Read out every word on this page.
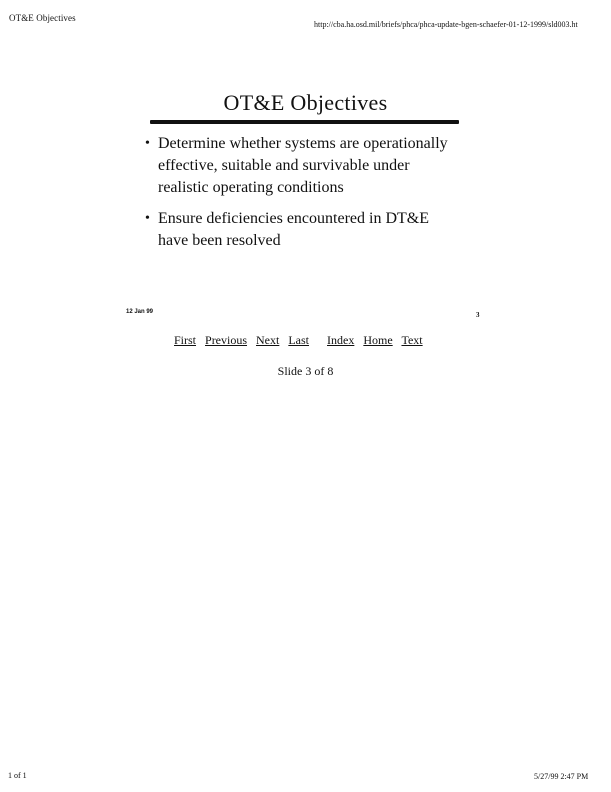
OT&E Objectives
http://cba.ha.osd.mil/briefs/phca/phca-update-bgen-schaefer-01-12-1999/sld003.ht
OT&E Objectives
• Determine whether systems are operationally
effective, suitable and survivable under
realistic operating conditions
• Ensure deficiencies encountered in DT&E
have been resolved
12 Jan 99	3
First Previous Next Last Index Home Text
Slide 3 of 8
1 of 1	5/27/99 2:47 PM
